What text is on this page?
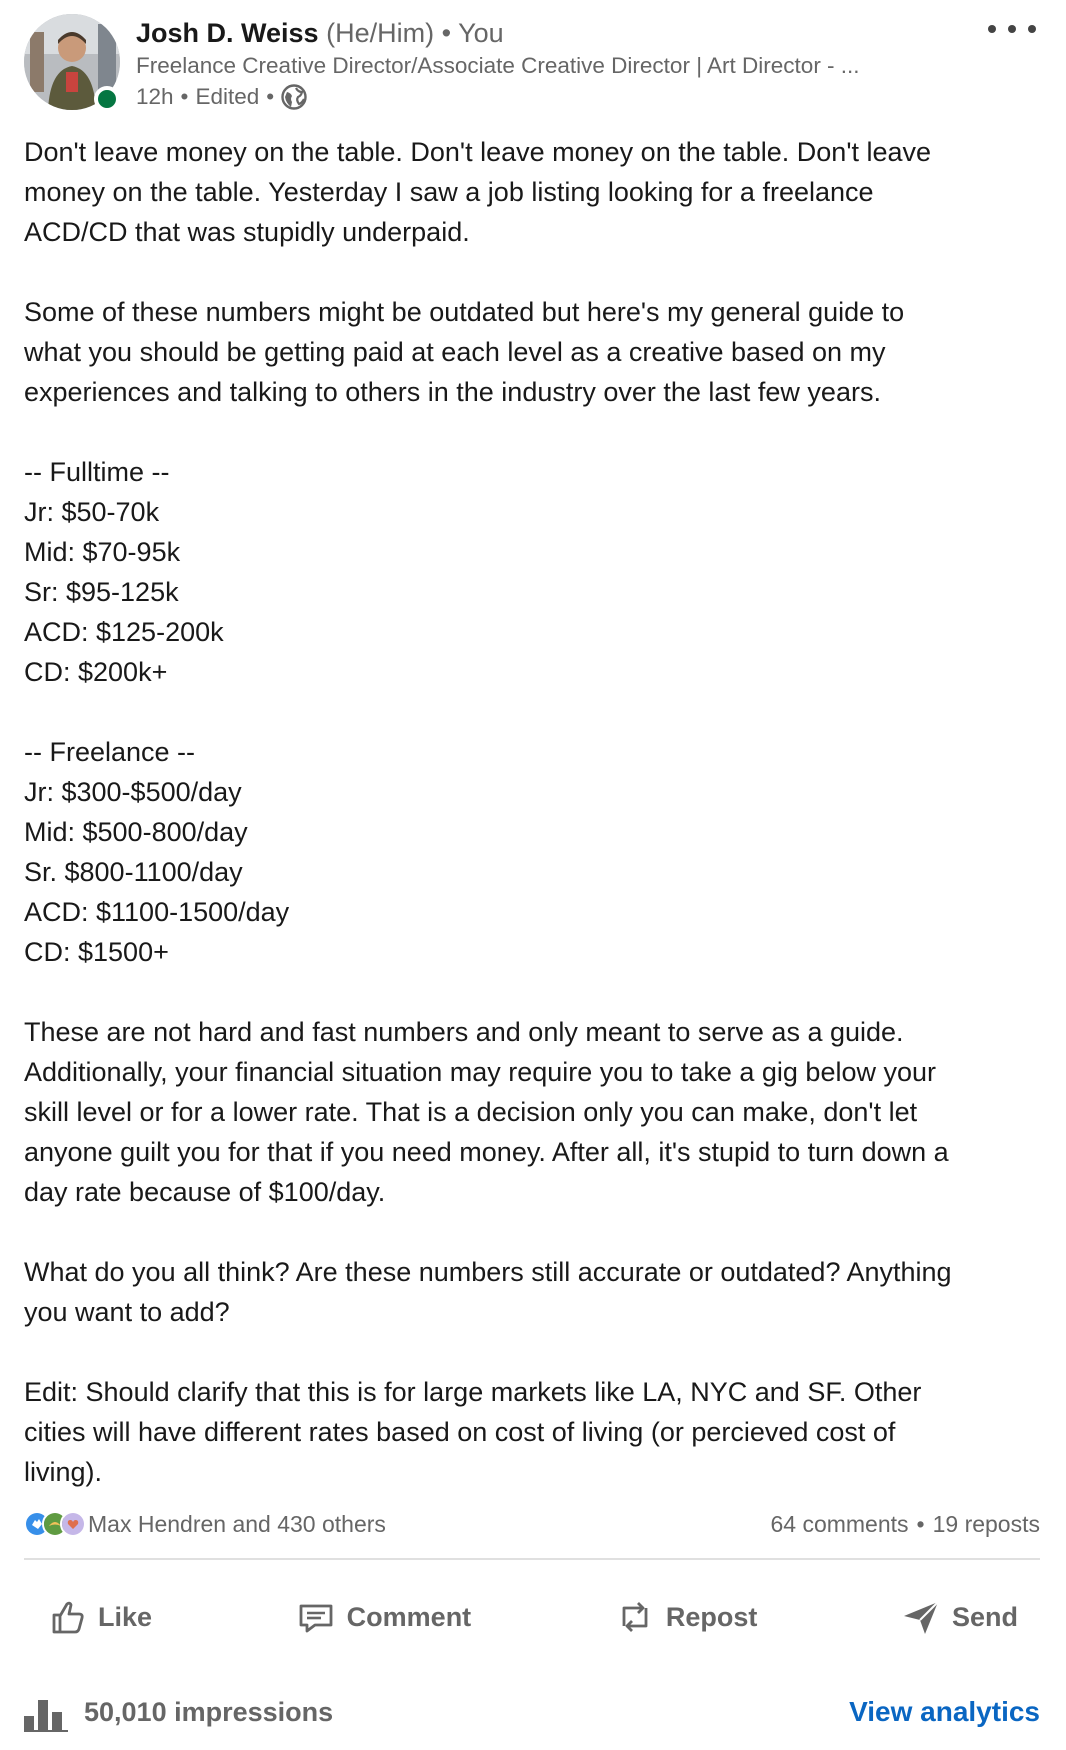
Josh D. Weiss (He/Him) • You
Freelance Creative Director/Associate Creative Director | Art Director - ...
12h • Edited •
Don't leave money on the table. Don't leave money on the table. Don't leave
money on the table. Yesterday I saw a job listing looking for a freelance
ACD/CD that was stupidly underpaid.
Some of these numbers might be outdated but here's my general guide to
what you should be getting paid at each level as a creative based on my
experiences and talking to others in the industry over the last few years.
-- Fulltime --
Jr: $50-70k
Mid: $70-95k
Sr: $95-125k
ACD: $125-200k
CD: $200k+
-- Freelance --
Jr: $300-$500/day
Mid: $500-800/day
Sr. $800-1100/day
ACD: $1100-1500/day
CD: $1500+
These are not hard and fast numbers and only meant to serve as a guide.
Additionally, your financial situation may require you to take a gig below your
skill level or for a lower rate. That is a decision only you can make, don't let
anyone guilt you for that if you need money. After all, it's stupid to turn down a
day rate because of $100/day.
What do you all think? Are these numbers still accurate or outdated? Anything
you want to add?
Edit: Should clarify that this is for large markets like LA, NYC and SF. Other
cities will have different rates based on cost of living (or percieved cost of
living).
Max Hendren and 430 others	64 comments • 19 reposts
Like	Comment	Repost	Send
50,010 impressions	View analytics
